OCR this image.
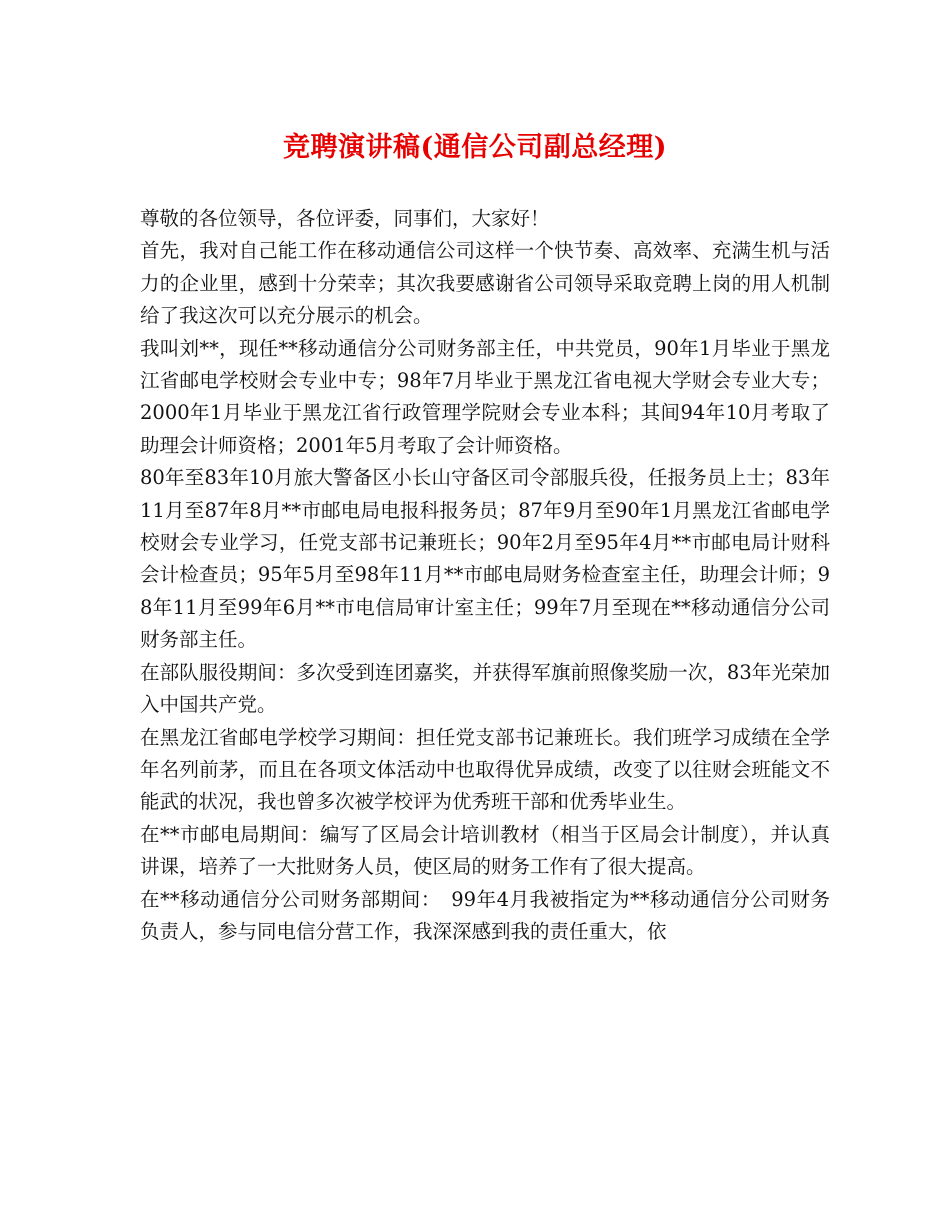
竞聘演讲稿(通信公司副总经理)

尊敬的各位领导，各位评委，同事们，大家好！

首先，我对自己能工作在移动通信公司这样一个快节奏、高效率、充满生机与活力的企业里，感到十分荣幸；其次我要感谢省公司领导采取竞聘上岗的用人机制给了我这次可以充分展示的机会。

我叫刘**，现任**移动通信分公司财务部主任，中共党员，90年1月毕业于黑龙江省邮电学校财会专业中专；98年7月毕业于黑龙江省电视大学财会专业大专；2000年1月毕业于黑龙江省行政管理学院财会专业本科；其间94年10月考取了助理会计师资格；2001年5月考取了会计师资格。

80年至83年10月旅大警备区小长山守备区司令部服兵役，任报务员上士；83年11月至87年8月**市邮电局电报科报务员；87年9月至90年1月黑龙江省邮电学校财会专业学习，任党支部书记兼班长；90年2月至95年4月**市邮电局计财科会计检查员；95年5月至98年11月**市邮电局财务检查室主任，助理会计师；98年11月至99年6月**市电信局审计室主任；99年7月至现在**移动通信分公司财务部主任。

在部队服役期间：多次受到连团嘉奖，并获得军旗前照像奖励一次，83年光荣加入中国共产党。

在黑龙江省邮电学校学习期间：担任党支部书记兼班长。我们班学习成绩在全学年名列前茅，而且在各项文体活动中也取得优异成绩，改变了以往财会班能文不能武的状况，我也曾多次被学校评为优秀班干部和优秀毕业生。

在**市邮电局期间：编写了区局会计培训教材（相当于区局会计制度），并认真讲课，培养了一大批财务人员，使区局的财务工作有了很大提高。

在**移动通信分公司财务部期间：　99年4月我被指定为**移动通信分公司财务负责人，参与同电信分营工作，我深深感到我的责任重大，依
